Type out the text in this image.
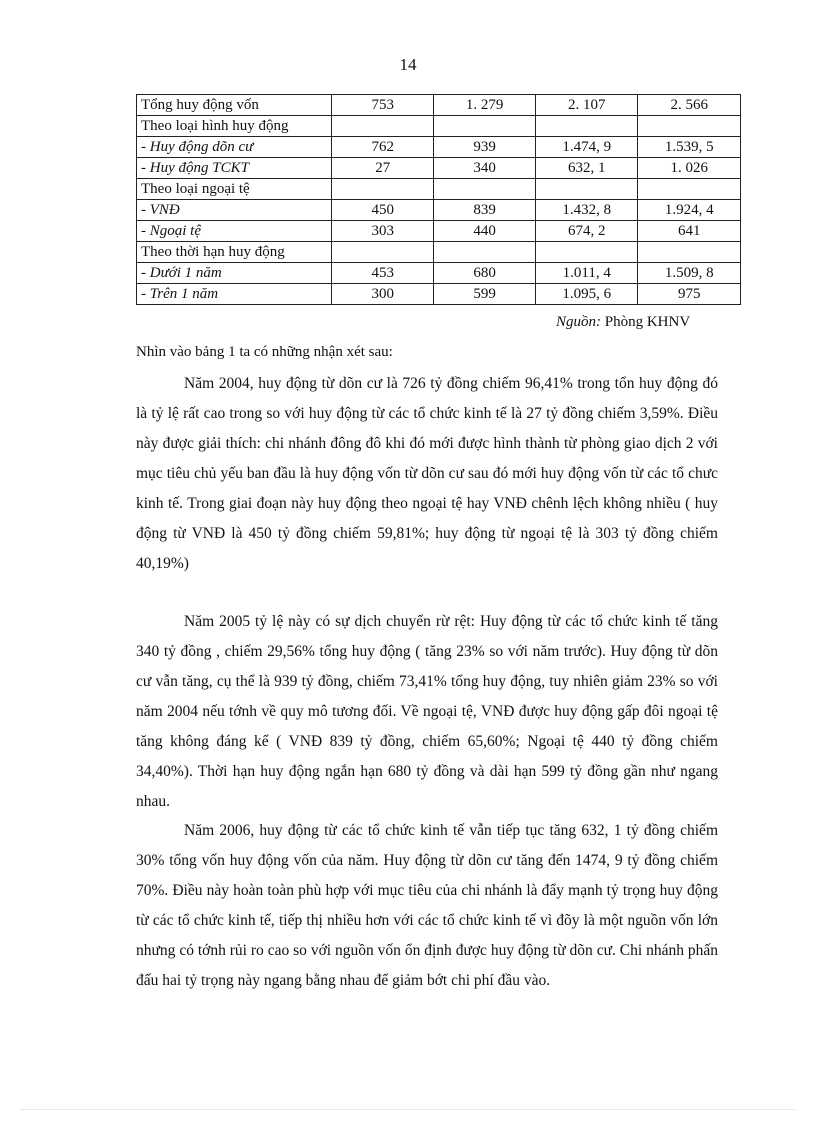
14
Tổng huy động vốn	753	1. 279	2. 107	2. 566
Theo loại hình huy động				
- Huy động dõn cư	762	939	1.474, 9	1.539, 5
- Huy động TCKT	27	340	632, 1	1. 026
Theo loại ngoại tệ				
- VNĐ	450	839	1.432, 8	1.924, 4
- Ngoại tệ	303	440	674, 2	641
Theo thời hạn huy động				
- Dưới 1 năm	453	680	1.011, 4	1.509, 8
- Trên 1 năm	300	599	1.095, 6	975
Nguồn: Phòng KHNV
Nhìn vào bảng 1 ta có những nhận xét sau:

Năm 2004, huy động từ dõn cư là 726 tỷ đồng chiếm 96,41% trong tổn huy động đó là tỷ lệ rất cao trong so với huy động từ các tổ chức kinh tế là 27 tỷ đồng chiếm 3,59%. Điều này được giải thích: chi nhánh đông đô khi đó mới được hình thành từ phòng giao dịch 2 với mục tiêu chủ yếu ban đầu là huy động vốn từ dõn cư sau đó mới huy động vốn từ các tổ chưc kinh tế. Trong giai đoạn này huy động theo ngoại tệ hay VNĐ chênh lệch không nhiều ( huy động từ VNĐ là 450 tỷ đồng chiếm 59,81%; huy động từ ngoại tệ là 303 tỷ đồng chiếm 40,19%)

Năm 2005 tỷ lệ này có sự dịch chuyển rừ rệt: Huy động từ các tổ chức kinh tế tăng 340 tỷ đồng , chiếm 29,56% tổng huy động ( tăng 23% so với năm trước). Huy động từ dõn cư vẫn tăng, cụ thể là 939 tỷ đồng, chiếm 73,41% tổng huy động, tuy nhiên giảm 23% so với năm 2004 nếu tớnh về quy mô tương đối. Về ngoại tệ, VNĐ được huy động gấp đôi ngoại tệ tăng không đáng kể ( VNĐ 839 tỷ đồng, chiếm 65,60%; Ngoại tệ 440 tỷ đồng chiếm 34,40%). Thời hạn huy động ngắn hạn 680 tỷ đồng và dài hạn 599 tỷ đồng gần như ngang nhau.

Năm 2006, huy động từ các tổ chức kinh tế vẫn tiếp tục tăng 632, 1 tỷ đồng chiếm 30% tổng vốn huy động vốn của năm. Huy động từ dõn cư tăng đến 1474, 9 tỷ đồng chiếm 70%. Điều này hoàn toàn phù hợp với mục tiêu của chi nhánh là đẩy mạnh tỷ trọng huy động từ các tổ chức kinh tế, tiếp thị nhiều hơn với các tổ chức kinh tế vì đõy là một nguồn vốn lớn nhưng có tớnh rủi ro cao so với nguồn vốn ổn định được huy động từ dõn cư. Chi nhánh phấn đấu hai tỷ trọng này ngang bằng nhau để giảm bớt chi phí đầu vào.
